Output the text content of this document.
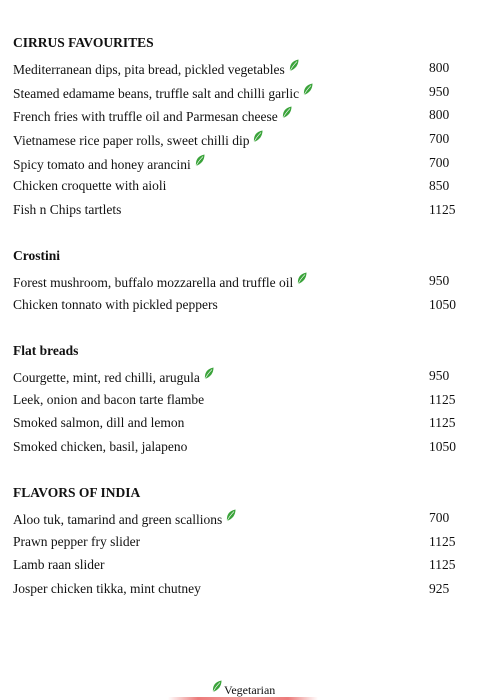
CIRRUS FAVOURITES
Mediterranean dips, pita bread, pickled vegetables	800
Steamed edamame beans, truffle salt and chilli garlic	950
French fries with truffle oil and Parmesan cheese	800
Vietnamese rice paper rolls, sweet chilli dip	700
Spicy tomato and honey arancini	700
Chicken croquette with aioli	850
Fish n Chips tartlets	1125
Crostini
Forest mushroom, buffalo mozzarella and truffle oil	950
Chicken tonnato with pickled peppers	1050
Flat breads
Courgette, mint, red chilli, arugula	950
Leek, onion and bacon tarte flambe	1125
Smoked salmon, dill and lemon	1125
Smoked chicken, basil, jalapeno	1050
FLAVORS OF INDIA
Aloo tuk, tamarind and green scallions	700
Prawn pepper fry slider	1125
Lamb raan slider	1125
Josper chicken tikka, mint chutney	925
Vegetarian
